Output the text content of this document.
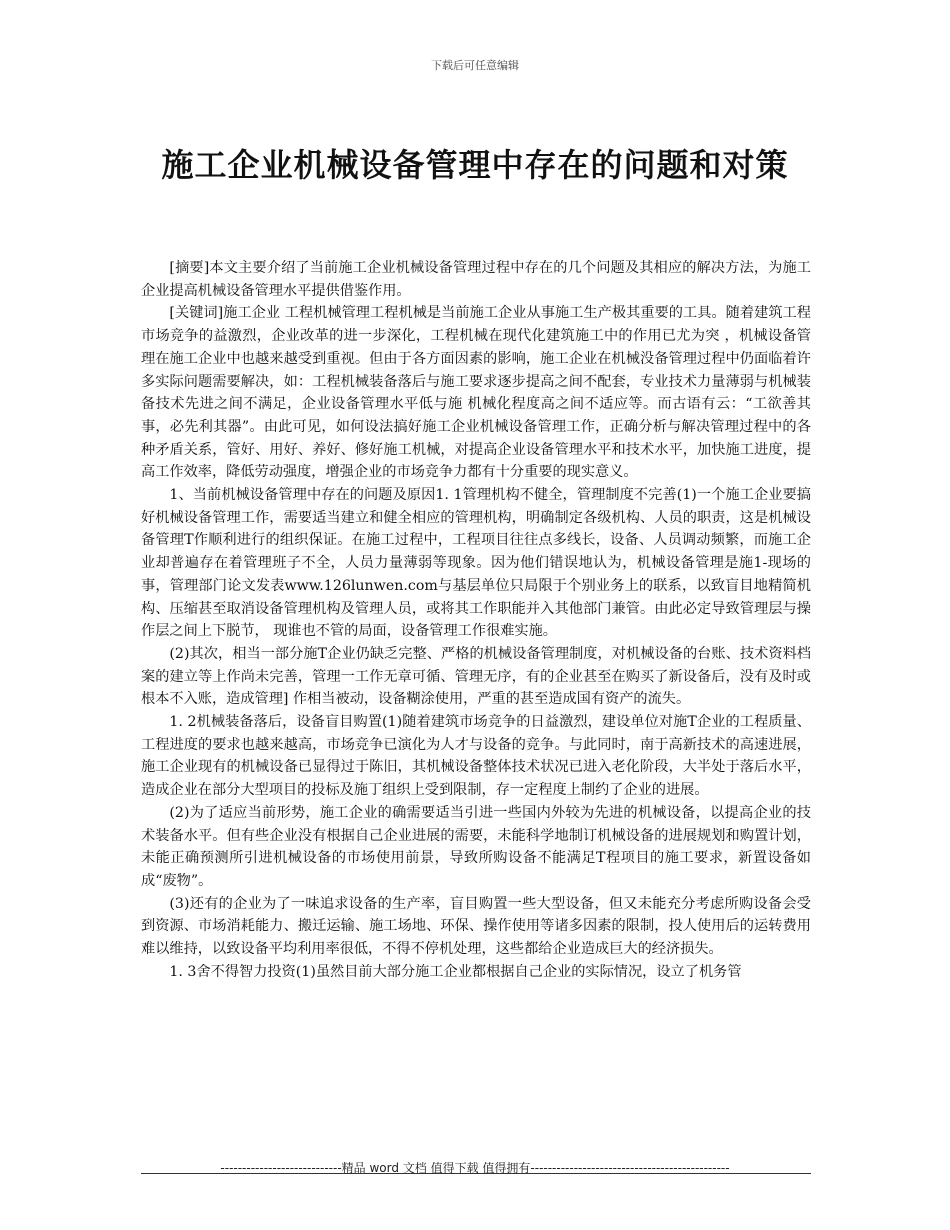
下载后可任意编辑
施工企业机械设备管理中存在的问题和对策

[摘要]本文主要介绍了当前施工企业机械设备管理过程中存在的几个问题及其相应的解决方法，为施工企业提高机械设备管理水平提供借鉴作用。

[关键词]施工企业 工程机械管理工程机械是当前施工企业从事施工生产极其重要的工具。随着建筑工程市场竞争的益激烈，企业改革的进一步深化，工程机械在现代化建筑施工中的作用已尤为突 ，机械设备管理在施工企业中也越来越受到重视。但由于各方面因素的影响，施工企业在机械没备管理过程中仍面临着许多实际问题需要解决，如：工程机械装备落后与施工要求逐步提高之间不配套，专业技术力量薄弱与机械装备技术先进之间不满足，企业设备管理水平低与施 机械化程度高之间不适应等。而古语有云：“工欲善其事，必先利其器”。由此可见，如何设法搞好施工企业机械设备管理工作，正确分析与解决管理过程中的各种矛盾关系，管好、用好、养好、修好施工机械，对提高企业设备管理水平和技术水平，加快施工进度，提高工作效率，降低劳动强度，增强企业的市场竞争力都有十分重要的现实意义。

1、当前机械设备管理中存在的问题及原因1. 1管理机构不健全，管理制度不完善(1)一个施工企业要搞好机械设备管理工作，需要适当建立和健全相应的管理机构，明确制定各级机构、人员的职责，这是机械设备管理T作顺利进行的组织保证。在施工过程中，工程项目往往点多线长，设备、人员调动频繁，而施工企业却普遍存在着管理班子不全，人员力量薄弱等现象。因为他们错误地认为，机械设备管理是施1-现场的事，管理部门论文发表www.126lunwen.com与基层单位只局限于个别业务上的联系，以致盲目地精简机构、压缩甚至取消设备管理机构及管理人员，或将其工作职能并入其他部门兼管。由此必定导致管理层与操作层之间上下脱节， 现谁也不管的局面，设备管理工作很难实施。

(2)其次，相当一部分施T企业仍缺乏完整、严格的机械设备管理制度，对机械设备的台账、技术资料档案的建立等上作尚未完善，管理一工作无章可循、管理无序，有的企业甚至在购买了新设备后，没有及时或根本不入账，造成管理] 作相当被动，设备糊涂使用，严重的甚至造成国有资产的流失。

1. 2机械装备落后，设备盲目购置(1)随着建筑市场竞争的日益激烈，建设单位对施T企业的工程质量、工程进度的要求也越来越高，市场竞争已演化为人才与设备的竞争。与此同时，南于高新技术的高速进展，施工企业现有的机械设备已显得过于陈旧，其机械设备整体技术状况已进入老化阶段，大半处于落后水平，造成企业在部分大型项目的投标及施丁组织上受到限制，存一定程度上制约了企业的进展。

(2)为了适应当前形势，施工企业的确需要适当引进一些国内外较为先进的机械设备，以提高企业的技术装备水平。但有些企业没有根据自己企业进展的需要，未能科学地制订机械设备的进展规划和购置计划，未能正确预测所引进机械设备的市场使用前景，导致所购设备不能满足T程项目的施工要求，新置设备如成“废物”。

(3)还有的企业为了一味追求设备的生产率，盲目购置一些大型设备，但又未能充分考虑所购设备会受到资源、市场消耗能力、搬迁运输、施工场地、环保、操作使用等诸多因素的限制，投人使用后的运转费用难以维持，以致设备平均利用率很低，不得不停机处理，这些都给企业造成巨大的经济损失。

1. 3舍不得智力投资(1)虽然目前大部分施工企业都根据自己企业的实际情况，设立了机务管

----------------------------精品 word 文档 值得下载 值得拥有----------------------------------------------
